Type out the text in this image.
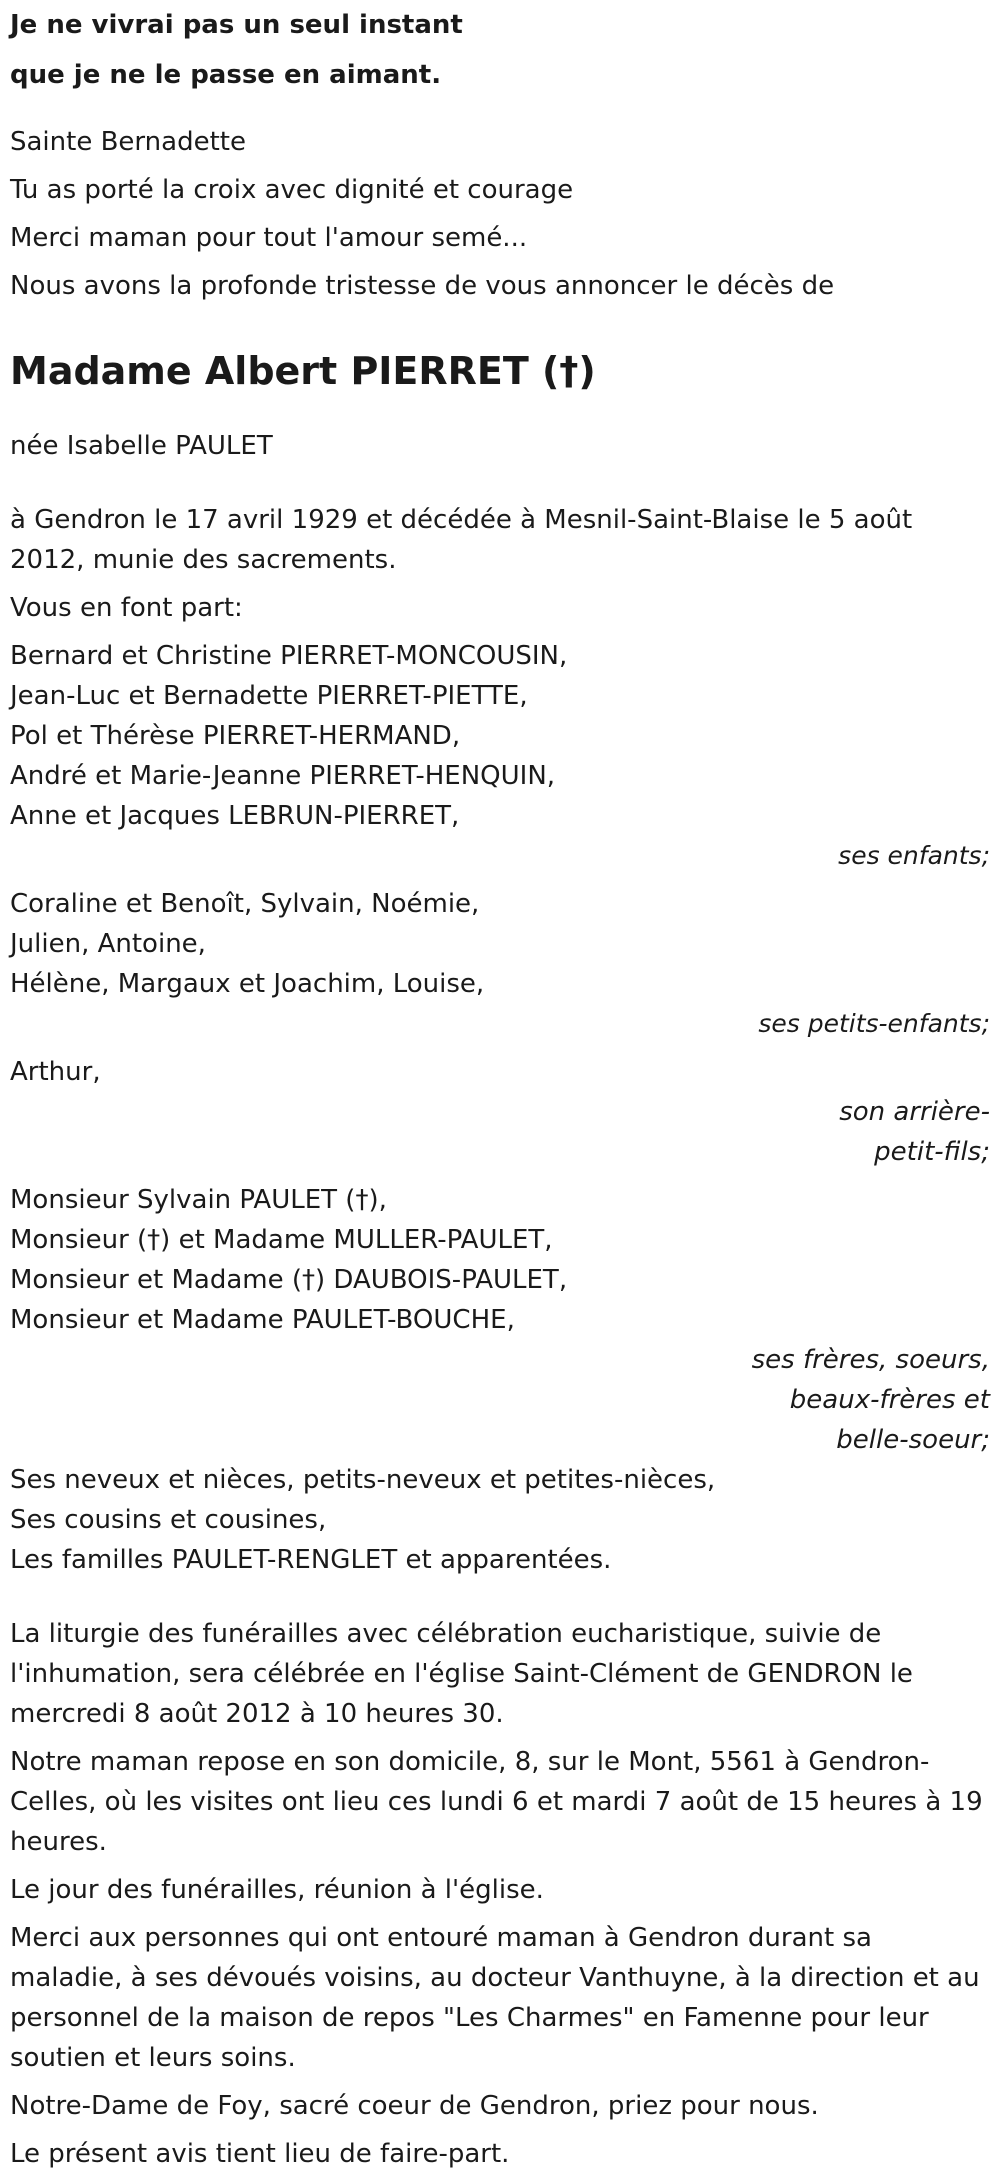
Je ne vivrai pas un seul instant

que je ne le passe en aimant.

Sainte Bernadette

Tu as porté la croix avec dignité et courage

Merci maman pour tout l'amour semé...

Nous avons la profonde tristesse de vous annoncer le décès de

Madame Albert PIERRET (†)
née Isabelle PAULET

à Gendron le 17 avril 1929 et décédée à Mesnil-Saint-Blaise le 5 août 2012, munie des sacrements.

Vous en font part:

Bernard et Christine PIERRET-MONCOUSIN,
Jean-Luc et Bernadette PIERRET-PIETTE,
Pol et Thérèse PIERRET-HERMAND,
André et Marie-Jeanne PIERRET-HENQUIN,
Anne et Jacques LEBRUN-PIERRET,
ses enfants;
Coraline et Benoît, Sylvain, Noémie,
Julien, Antoine,
Hélène, Margaux et Joachim, Louise,
ses petits-enfants;
Arthur,
son arrière-
petit-fils;
Monsieur Sylvain PAULET (†),
Monsieur (†) et Madame MULLER-PAULET,
Monsieur et Madame (†) DAUBOIS-PAULET,
Monsieur et Madame PAULET-BOUCHE,
ses frères, soeurs,
beaux-frères et
belle-soeur;
Ses neveux et nièces, petits-neveux et petites-nièces,
Ses cousins et cousines,
Les familles PAULET-RENGLET et apparentées.

La liturgie des funérailles avec célébration eucharistique, suivie de l'inhumation, sera célébrée en l'église Saint-Clément de GENDRON le mercredi 8 août 2012 à 10 heures 30.

Notre maman repose en son domicile, 8, sur le Mont, 5561 à Gendron-Celles, où les visites ont lieu ces lundi 6 et mardi 7 août de 15 heures à 19 heures.

Le jour des funérailles, réunion à l'église.

Merci aux personnes qui ont entouré maman à Gendron durant sa maladie, à ses dévoués voisins, au docteur Vanthuyne, à la direction et au personnel de la maison de repos "Les Charmes" en Famenne pour leur soutien et leurs soins.

Notre-Dame de Foy, sacré coeur de Gendron, priez pour nous.

Le présent avis tient lieu de faire-part.
